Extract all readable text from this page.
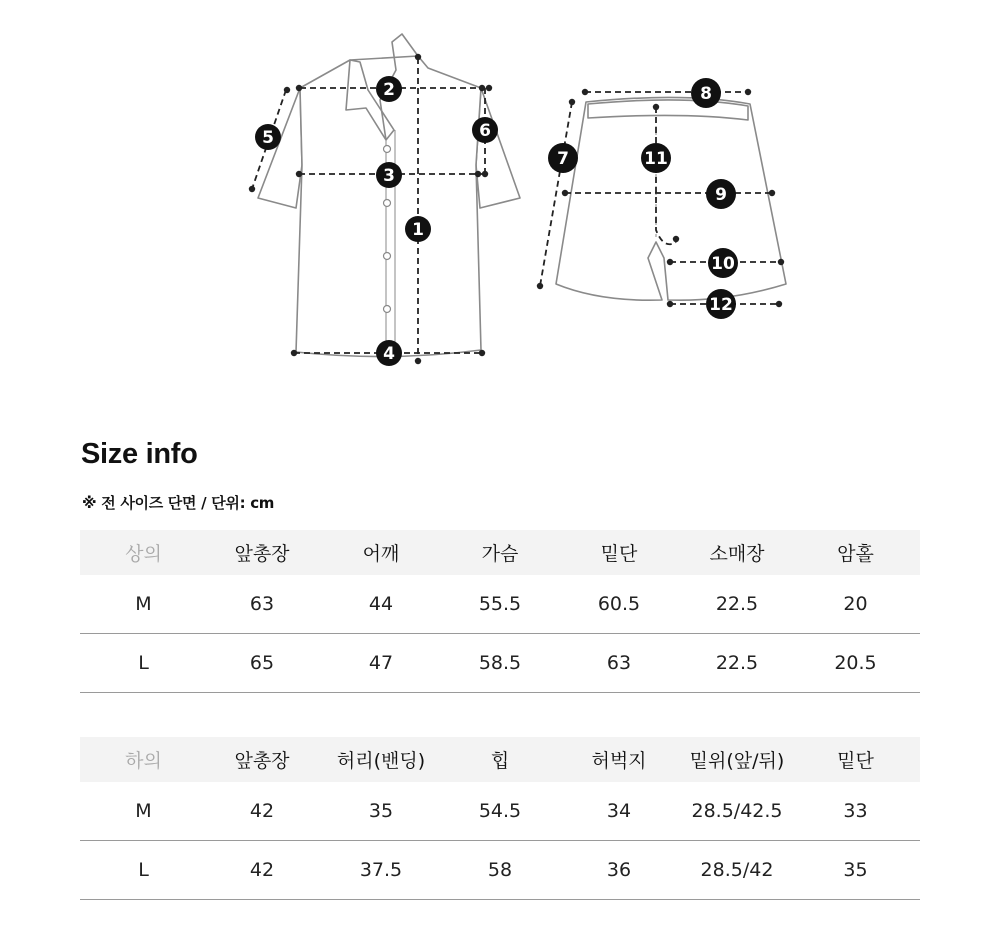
1
2
3
4
5	6
7
8
9
10
11
12
Size info
※ 전 사이즈 단면 / 단위: cm
상의	앞총장	어깨	가슴	밑단	소매장	암홀
M	63	44	55.5	60.5	22.5	20
L	65	47	58.5	63	22.5	20.5
하의	앞총장	허리(밴딩)	힙	허벅지	밑위(앞/뒤)	밑단
M	42	35	54.5	34	28.5/42.5	33
L	42	37.5	58	36	28.5/42	35
